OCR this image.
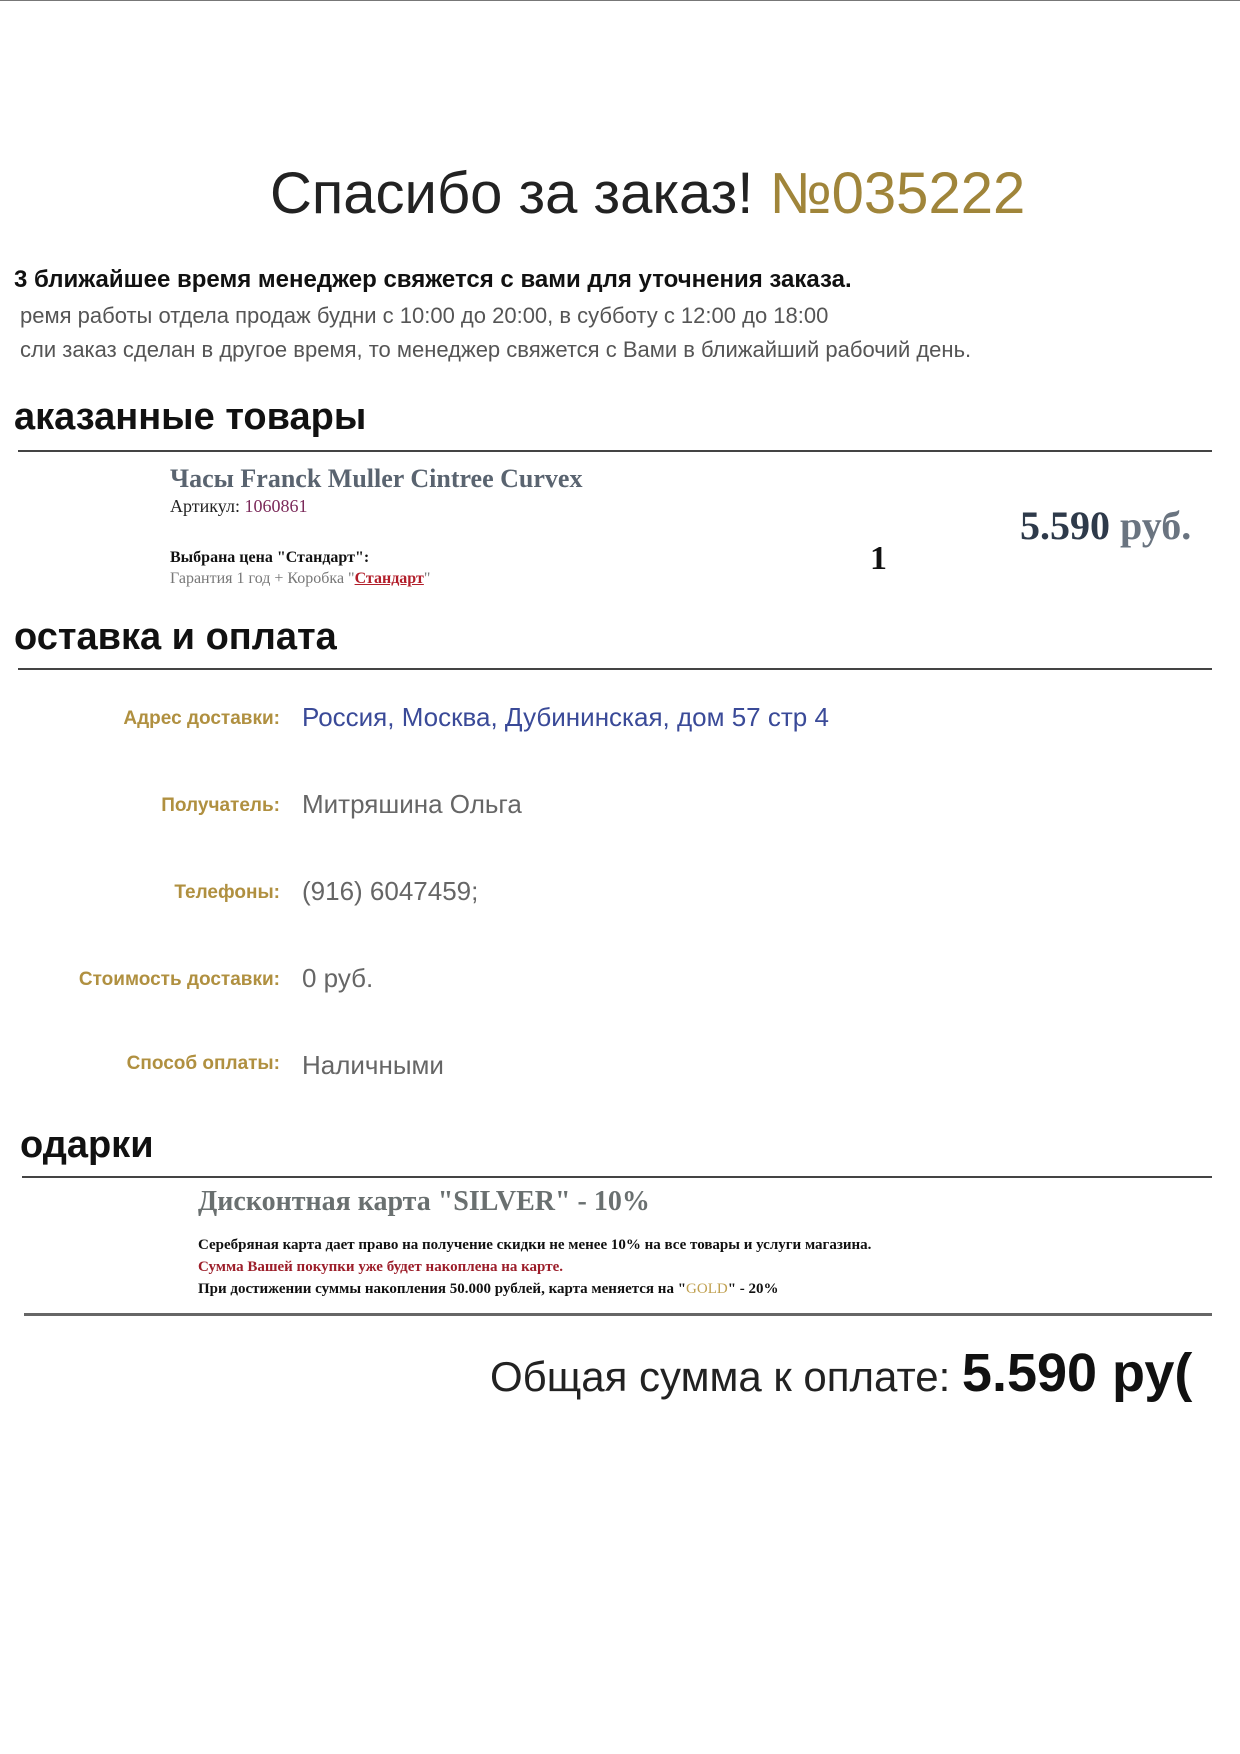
Спасибо за заказ! №035222
3 ближайшее время менеджер свяжется с вами для уточнения заказа.
ремя работы отдела продаж будни с 10:00 до 20:00, в субботу с 12:00 до 18:00
сли заказ сделан в другое время, то менеджер свяжется с Вами в ближайший рабочий день.
аказанные товары
Часы Franck Muller Cintree Curvex
Артикул: 1060861
Выбрана цена "Стандарт":
Гарантия 1 год + Коробка "Стандарт"
1
5.590 руб.
оставка и оплата
Адрес доставки: Россия, Москва, Дубининская, дом 57 стр 4
Получатель: Митряшина Ольга
Телефоны: (916) 6047459;
Стоимость доставки: 0 руб.
Способ оплаты: Наличными
одарки
Дисконтная карта "SILVER" - 10%
Серебряная карта дает право на получение скидки не менее 10% на все товары и услуги магазина.
Сумма Вашей покупки уже будет накоплена на карте.
При достижении суммы накопления 50.000 рублей, карта меняется на "GOLD" - 20%
Общая сумма к оплате: 5.590 ру(
